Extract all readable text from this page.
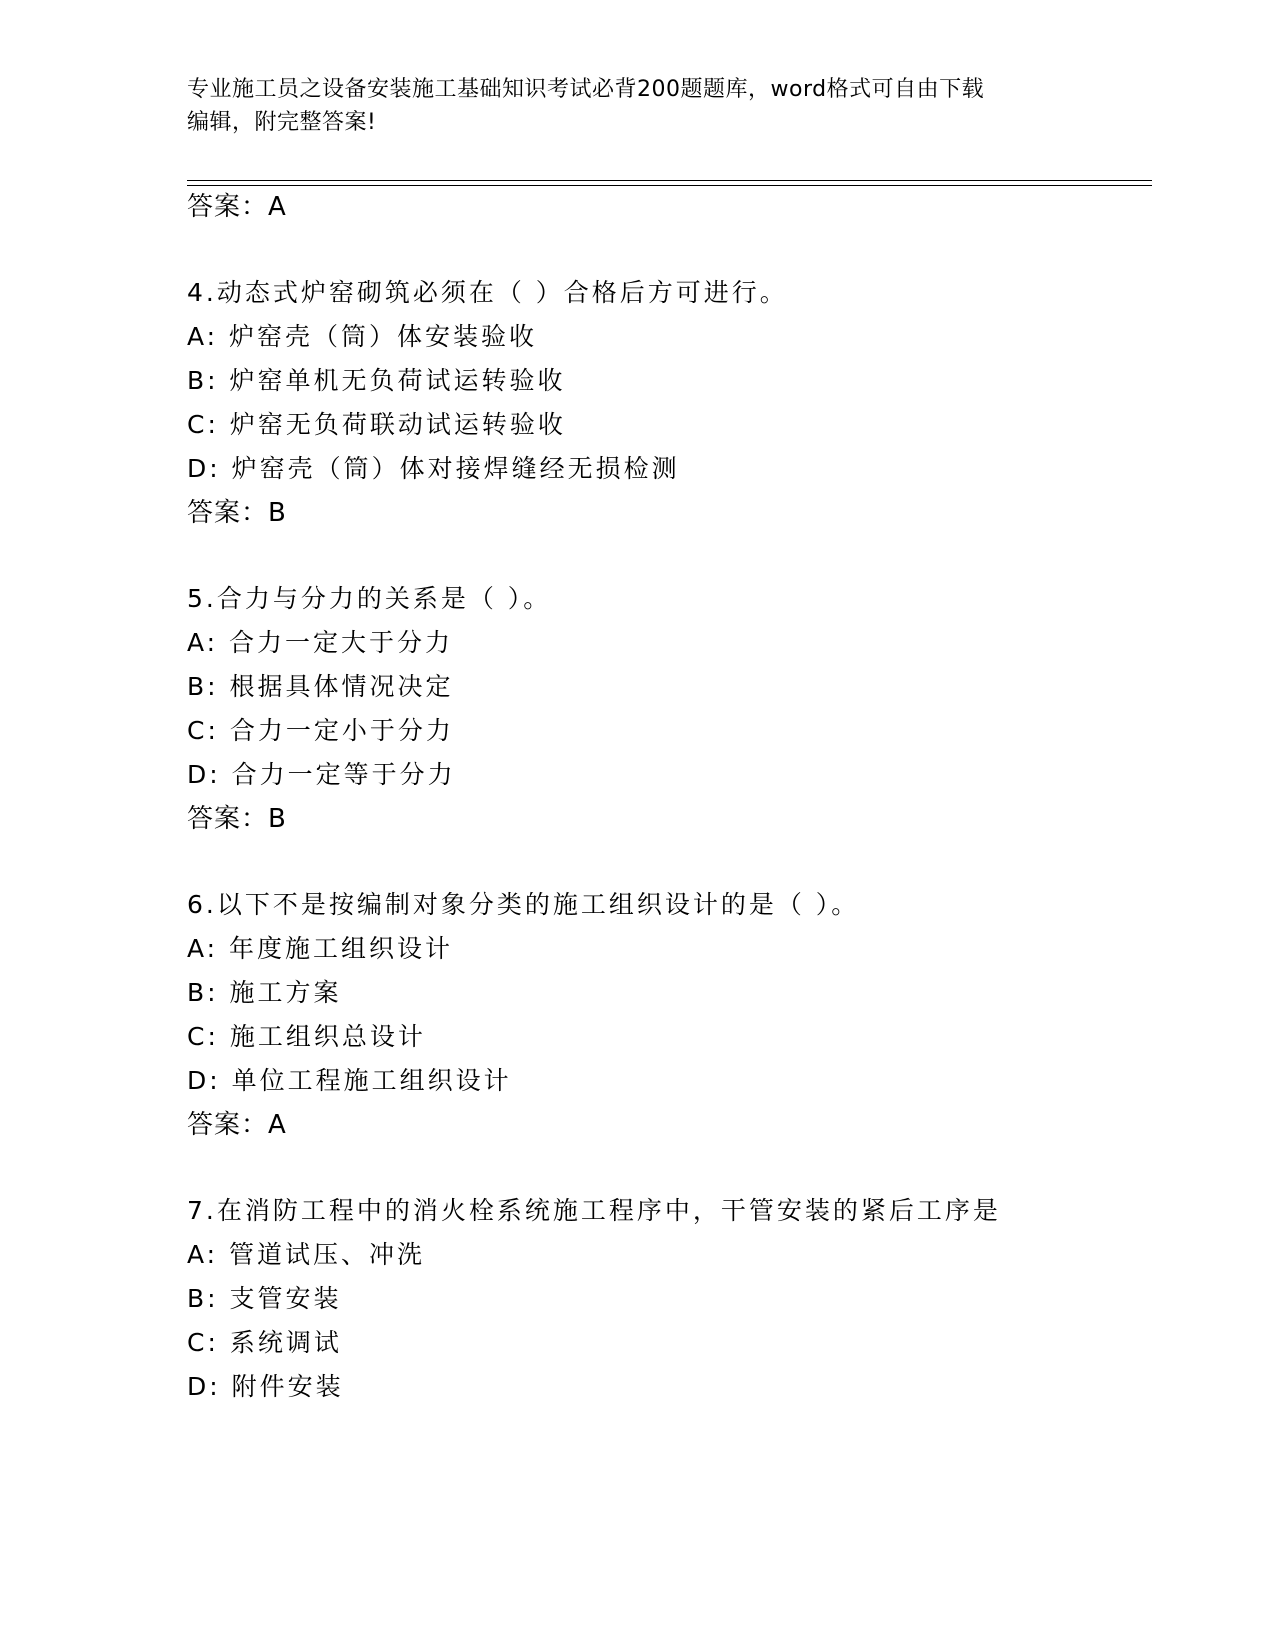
专业施工员之设备安装施工基础知识考试必背200题题库，word格式可自由下载
编辑，附完整答案!
答案：A
4.动态式炉窑砌筑必须在（ ）合格后方可进行。
A: 炉窑壳（筒）体安装验收
B: 炉窑单机无负荷试运转验收
C: 炉窑无负荷联动试运转验收
D: 炉窑壳（筒）体对接焊缝经无损检测
答案：B
5.合力与分力的关系是（ ）。
A: 合力一定大于分力
B: 根据具体情况决定
C: 合力一定小于分力
D: 合力一定等于分力
答案：B
6.以下不是按编制对象分类的施工组织设计的是（ ）。
A: 年度施工组织设计
B: 施工方案
C: 施工组织总设计
D: 单位工程施工组织设计
答案：A
7.在消防工程中的消火栓系统施工程序中，干管安装的紧后工序是
A: 管道试压、冲洗
B: 支管安装
C: 系统调试
D: 附件安装
